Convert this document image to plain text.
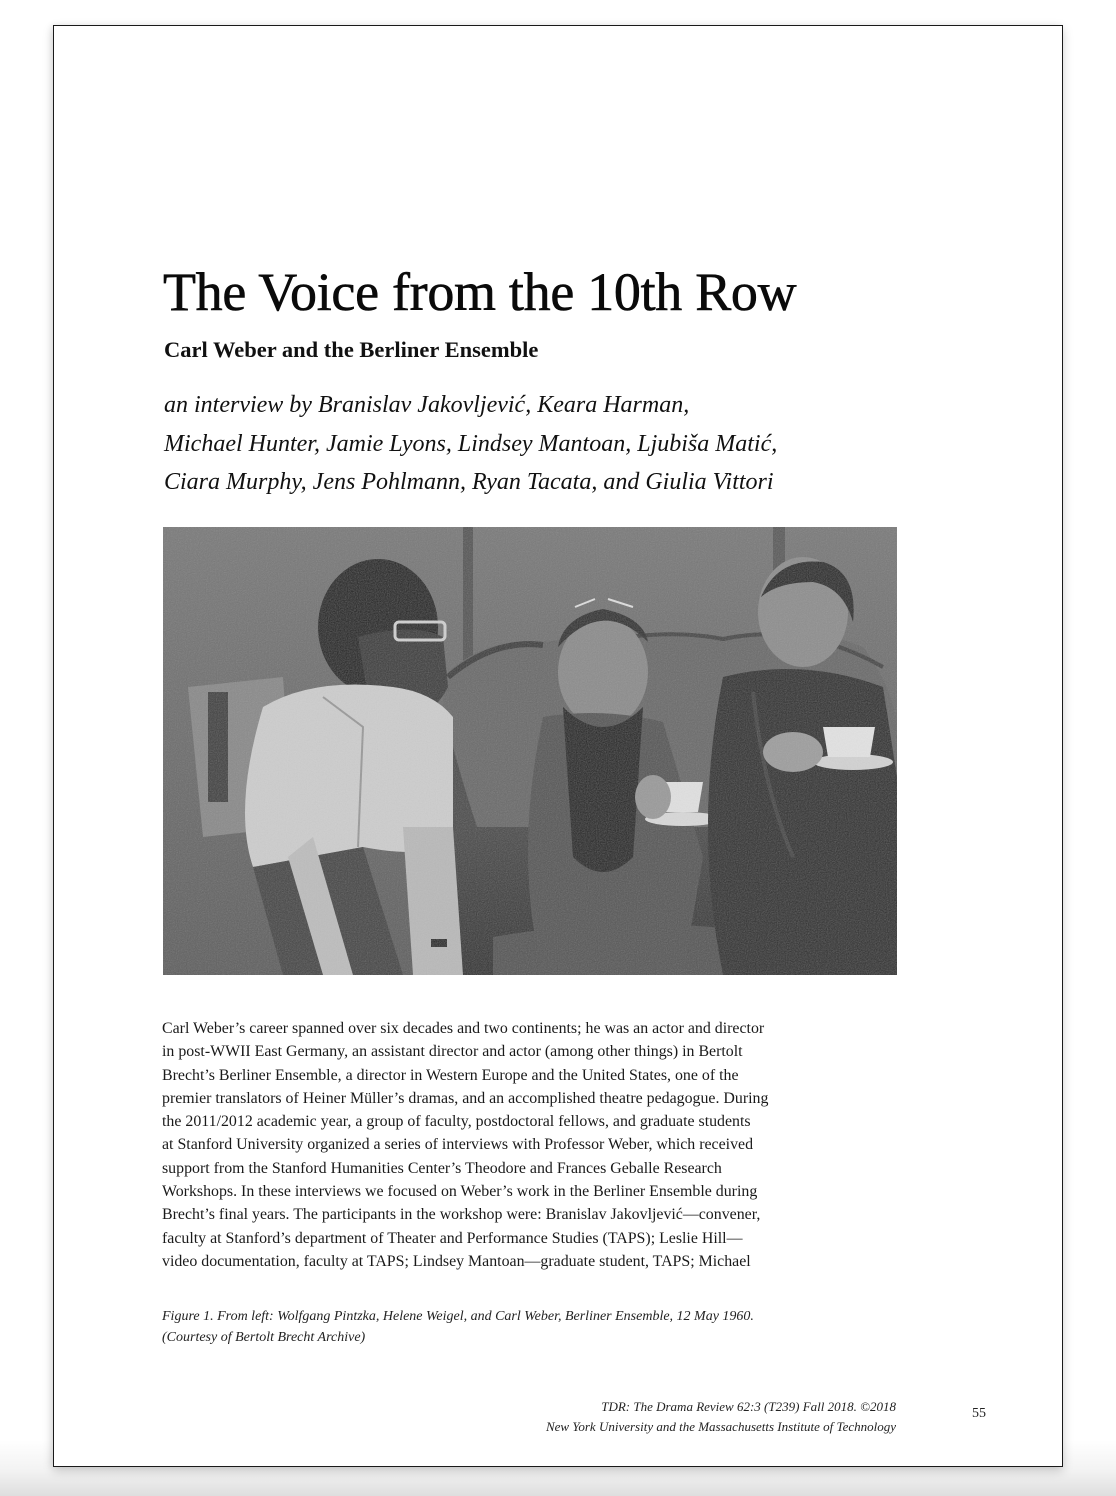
The Voice from the 10th Row
Carl Weber and the Berliner Ensemble
an interview by Branislav Jakovljević, Keara Harman,
Michael Hunter, Jamie Lyons, Lindsey Mantoan, Ljubiša Matić,
Ciara Murphy, Jens Pohlmann, Ryan Tacata, and Giulia Vittori
Carl Weber’s career spanned over six decades and two continents; he was an actor and director
in post-WWII East Germany, an assistant director and actor (among other things) in Bertolt
Brecht’s Berliner Ensemble, a director in Western Europe and the United States, one of the
premier translators of Heiner Müller’s dramas, and an accomplished theatre pedagogue. During
the 2011/2012 academic year, a group of faculty, postdoctoral fellows, and graduate students
at Stanford University organized a series of interviews with Professor Weber, which received
support from the Stanford Humanities Center’s Theodore and Frances Geballe Research
Workshops. In these interviews we focused on Weber’s work in the Berliner Ensemble during
Brecht’s final years. The participants in the workshop were: Branislav Jakovljević—convener,
faculty at Stanford’s department of Theater and Performance Studies (TAPS); Leslie Hill—
video documentation, faculty at TAPS; Lindsey Mantoan—graduate student, TAPS; Michael
Figure 1. From left: Wolfgang Pintzka, Helene Weigel, and Carl Weber, Berliner Ensemble, 12 May 1960.
(Courtesy of Bertolt Brecht Archive)
TDR: The Drama Review 62:3 (T239) Fall 2018. ©2018
New York University and the Massachusetts Institute of Technology
55
